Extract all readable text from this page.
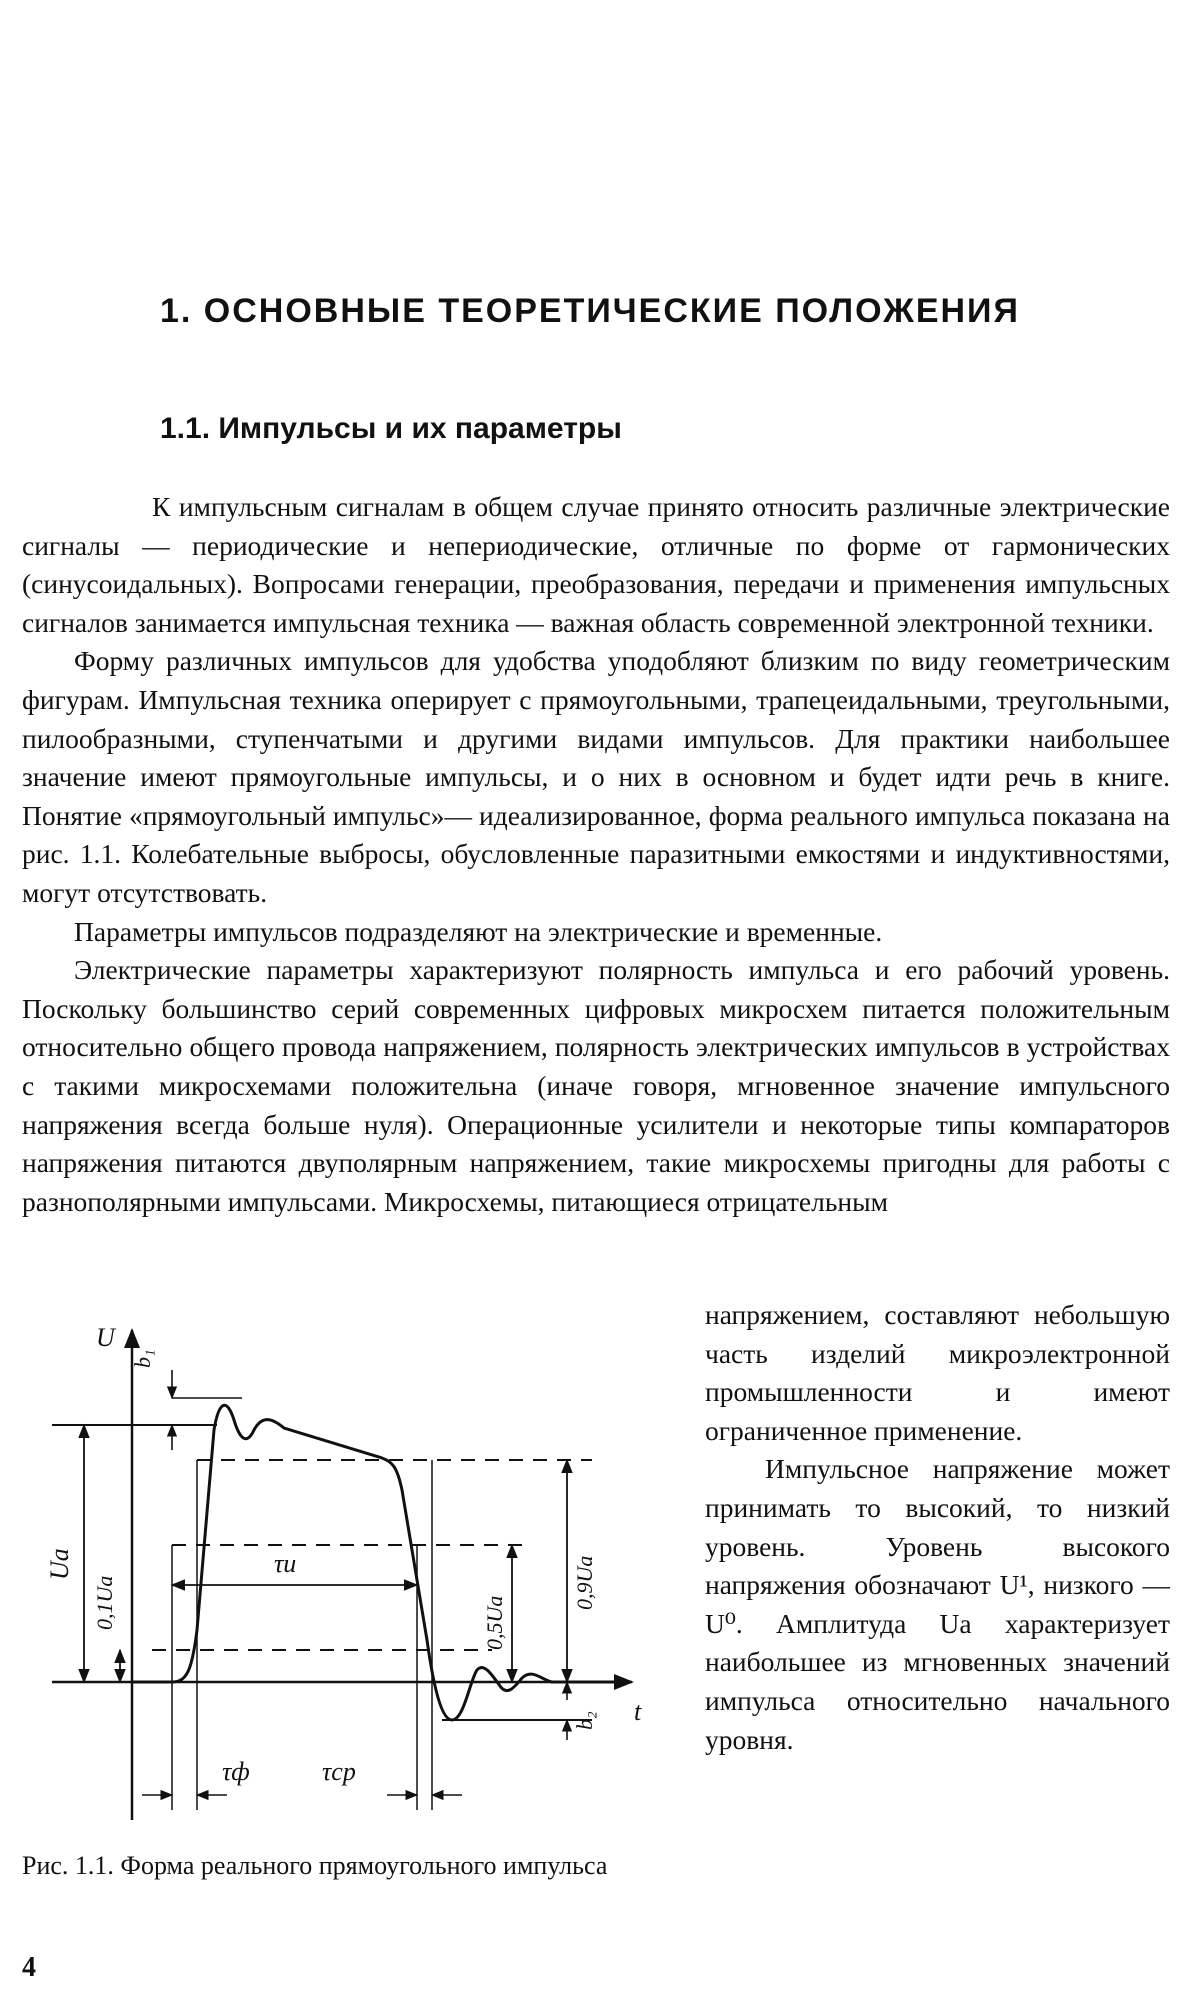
1. ОСНОВНЫЕ ТЕОРЕТИЧЕСКИЕ ПОЛОЖЕНИЯ
1.1. Импульсы и их параметры

К импульсным сигналам в общем случае принято относить различные электрические сигналы — периодические и непериодические, отличные по форме от гармонических (синусоидальных). Вопросами генерации, преобразования, передачи и применения импульсных сигналов занимается импульсная техника — важная область современной электронной техники.

Форму различных импульсов для удобства уподобляют близким по виду геометрическим фигурам. Импульсная техника оперирует с прямоугольными, трапецеидальными, треугольными, пилообразными, ступенчатыми и другими видами импульсов. Для практики наибольшее значение имеют прямоугольные импульсы, и о них в основном и будет идти речь в книге. Понятие «прямоугольный импульс»— идеализированное, форма реального импульса показана на рис. 1.1. Колебательные выбросы, обусловленные паразитными емкостями и индуктивностями, могут отсутствовать.

Параметры импульсов подразделяют на электрические и временные.

Электрические параметры характеризуют полярность импульса и его рабочий уровень. Поскольку большинство серий современных цифровых микросхем питается положительным относительно общего провода напряжением, полярность электрических импульсов в устройствах с такими микросхемами положительна (иначе говоря, мгновенное значение импульсного напряжения всегда больше нуля). Операционные усилители и некоторые типы компараторов напряжения питаются двуполярным напряжением, такие микросхемы пригодны для работы с разнополярными импульсами. Микросхемы, питающиеся отрицательным

напряжением, составляют небольшую часть изделий микроэлектронной промышленности и имеют ограниченное применение.

Импульсное напряжение может принимать то высокий, то низкий уровень. Уровень высокого напряжения обозначают U¹, низкого — U⁰. Амплитуда Uа характеризует наибольшее из мгновенных значений импульса относительно начального уровня.

U
t
b₁
b₂
Uа
0,1Uа	0,5Uа
0,9Uа
τи
τф	τср

Рис. 1.1. Форма реального прямоугольного импульса

4
